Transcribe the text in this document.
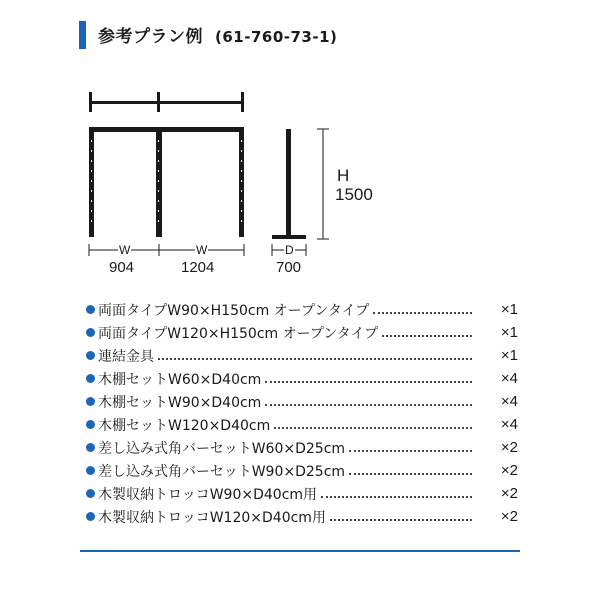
参考プラン例 (61-760-73-1)
W
904
W
1204
D
700
H
1500
両面タイプW90×H150cm オープンタイプ	×1
両面タイプW120×H150cm オープンタイプ	×1
連結金具	×1
木棚セットW60×D40cm	×4
木棚セットW90×D40cm	×4
木棚セットW120×D40cm	×4
差し込み式角バーセットW60×D25cm	×2
差し込み式角バーセットW90×D25cm	×2
木製収納トロッコW90×D40cm用	×2
木製収納トロッコW120×D40cm用	×2
